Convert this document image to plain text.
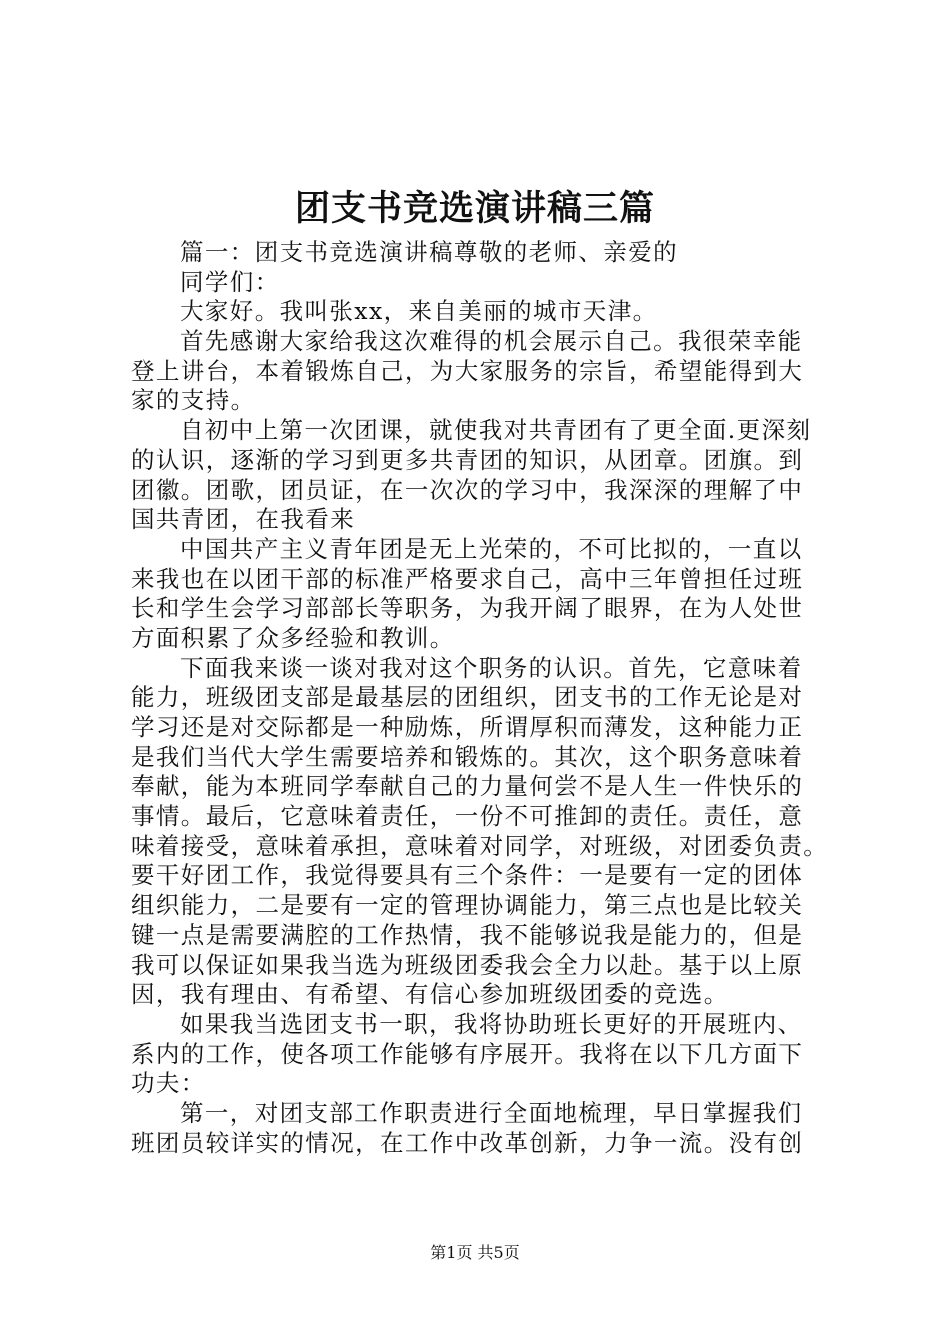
团支书竞选演讲稿三篇
篇一：团支书竞选演讲稿尊敬的老师、亲爱的
同学们：
大家好。我叫张xx，来自美丽的城市天津。
首先感谢大家给我这次难得的机会展示自己。我很荣幸能
登上讲台，本着锻炼自己，为大家服务的宗旨，希望能得到大
家的支持。
自初中上第一次团课，就使我对共青团有了更全面.更深刻
的认识，逐渐的学习到更多共青团的知识，从团章。团旗。到
团徽。团歌，团员证，在一次次的学习中，我深深的理解了中
国共青团，在我看来
中国共产主义青年团是无上光荣的，不可比拟的，一直以
来我也在以团干部的标准严格要求自己，高中三年曾担任过班
长和学生会学习部部长等职务，为我开阔了眼界，在为人处世
方面积累了众多经验和教训。
下面我来谈一谈对我对这个职务的认识。首先，它意味着
能力，班级团支部是最基层的团组织，团支书的工作无论是对
学习还是对交际都是一种励炼，所谓厚积而薄发，这种能力正
是我们当代大学生需要培养和锻炼的。其次，这个职务意味着
奉献，能为本班同学奉献自己的力量何尝不是人生一件快乐的
事情。最后，它意味着责任，一份不可推卸的责任。责任，意
味着接受，意味着承担，意味着对同学，对班级，对团委负责。
要干好团工作，我觉得要具有三个条件：一是要有一定的团体
组织能力，二是要有一定的管理协调能力，第三点也是比较关
键一点是需要满腔的工作热情，我不能够说我是能力的，但是
我可以保证如果我当选为班级团委我会全力以赴。基于以上原
因，我有理由、有希望、有信心参加班级团委的竞选。
如果我当选团支书一职，我将协助班长更好的开展班内、
系内的工作，使各项工作能够有序展开。我将在以下几方面下
功夫：
第一，对团支部工作职责进行全面地梳理，早日掌握我们
班团员较详实的情况，在工作中改革创新，力争一流。没有创
第1页 共5页
